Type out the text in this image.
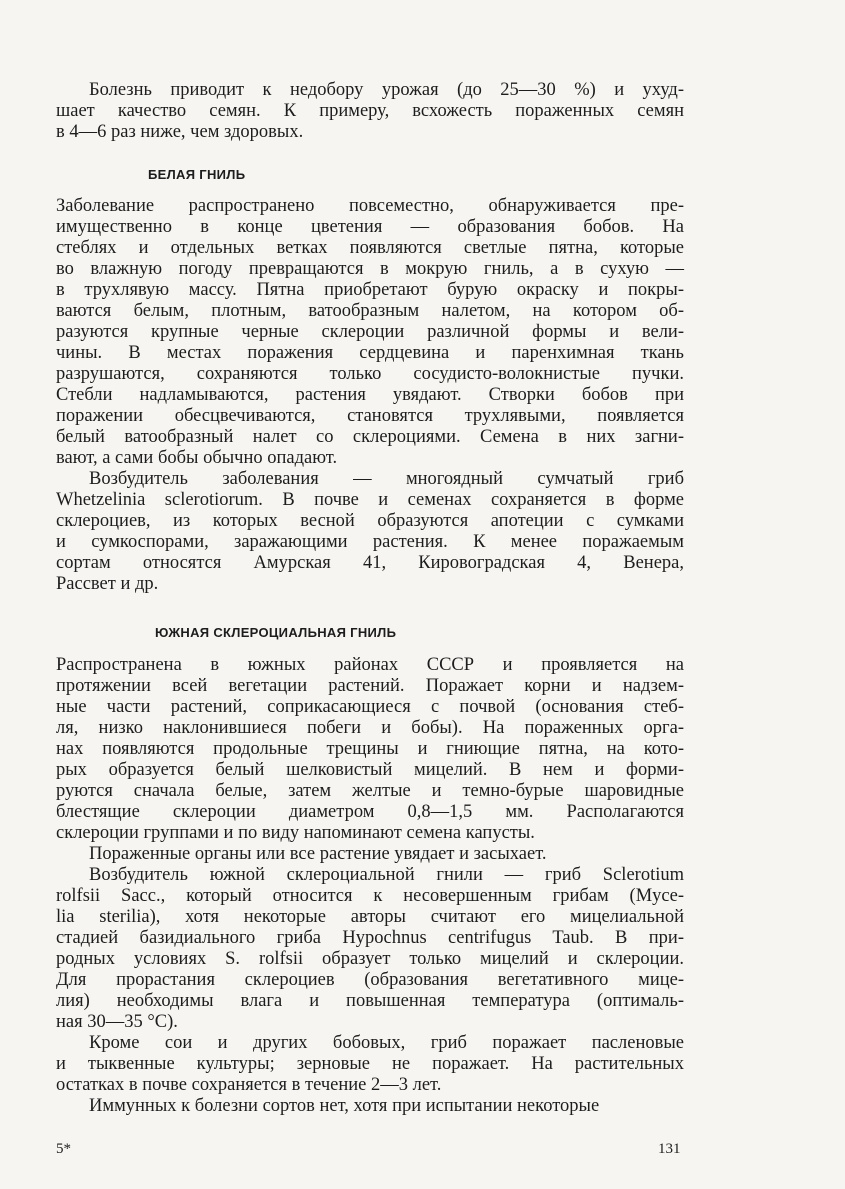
Болезнь приводит к недобору урожая (до 25—30 %) и ухуд-
шает качество семян. К примеру, всхожесть пораженных семян
в 4—6 раз ниже, чем здоровых.
БЕЛАЯ ГНИЛЬ
Заболевание распространено повсеместно, обнаруживается пре-
имущественно в конце цветения — образования бобов. На
стеблях и отдельных ветках появляются светлые пятна, которые
во влажную погоду превращаются в мокрую гниль, а в сухую —
в трухлявую массу. Пятна приобретают бурую окраску и покры-
ваются белым, плотным, ватообразным налетом, на котором об-
разуются крупные черные склероции различной формы и вели-
чины. В местах поражения сердцевина и паренхимная ткань
разрушаются, сохраняются только сосудисто-волокнистые пучки.
Стебли надламываются, растения увядают. Створки бобов при
поражении обесцвечиваются, становятся трухлявыми, появляется
белый ватообразный налет со склероциями. Семена в них загни-
вают, а сами бобы обычно опадают.
Возбудитель заболевания — многоядный сумчатый гриб
Whetzelinia sclerotiorum. В почве и семенах сохраняется в форме
склероциев, из которых весной образуются апотеции с сумками
и сумкоспорами, заражающими растения. К менее поражаемым
сортам относятся Амурская 41, Кировоградская 4, Венера,
Рассвет и др.
ЮЖНАЯ СКЛЕРОЦИАЛЬНАЯ ГНИЛЬ
Распространена в южных районах СССР и проявляется на
протяжении всей вегетации растений. Поражает корни и надзем-
ные части растений, соприкасающиеся с почвой (основания стеб-
ля, низко наклонившиеся побеги и бобы). На пораженных орга-
нах появляются продольные трещины и гниющие пятна, на кото-
рых образуется белый шелковистый мицелий. В нем и форми-
руются сначала белые, затем желтые и темно-бурые шаровидные
блестящие склероции диаметром 0,8—1,5 мм. Располагаются
склероции группами и по виду напоминают семена капусты.
Пораженные органы или все растение увядает и засыхает.
Возбудитель южной склероциальной гнили — гриб Sclerotium
rolfsii Sacc., который относится к несовершенным грибам (Myce-
lia sterilia), хотя некоторые авторы считают его мицелиальной
стадией базидиального гриба Hypochnus centrifugus Taub. В при-
родных условиях S. rolfsii образует только мицелий и склероции.
Для прорастания склероциев (образования вегетативного мице-
лия) необходимы влага и повышенная температура (оптималь-
ная 30—35 °С).
Кроме сои и других бобовых, гриб поражает пасленовые
и тыквенные культуры; зерновые не поражает. На растительных
остатках в почве сохраняется в течение 2—3 лет.
Иммунных к болезни сортов нет, хотя при испытании некоторые
5*	131
